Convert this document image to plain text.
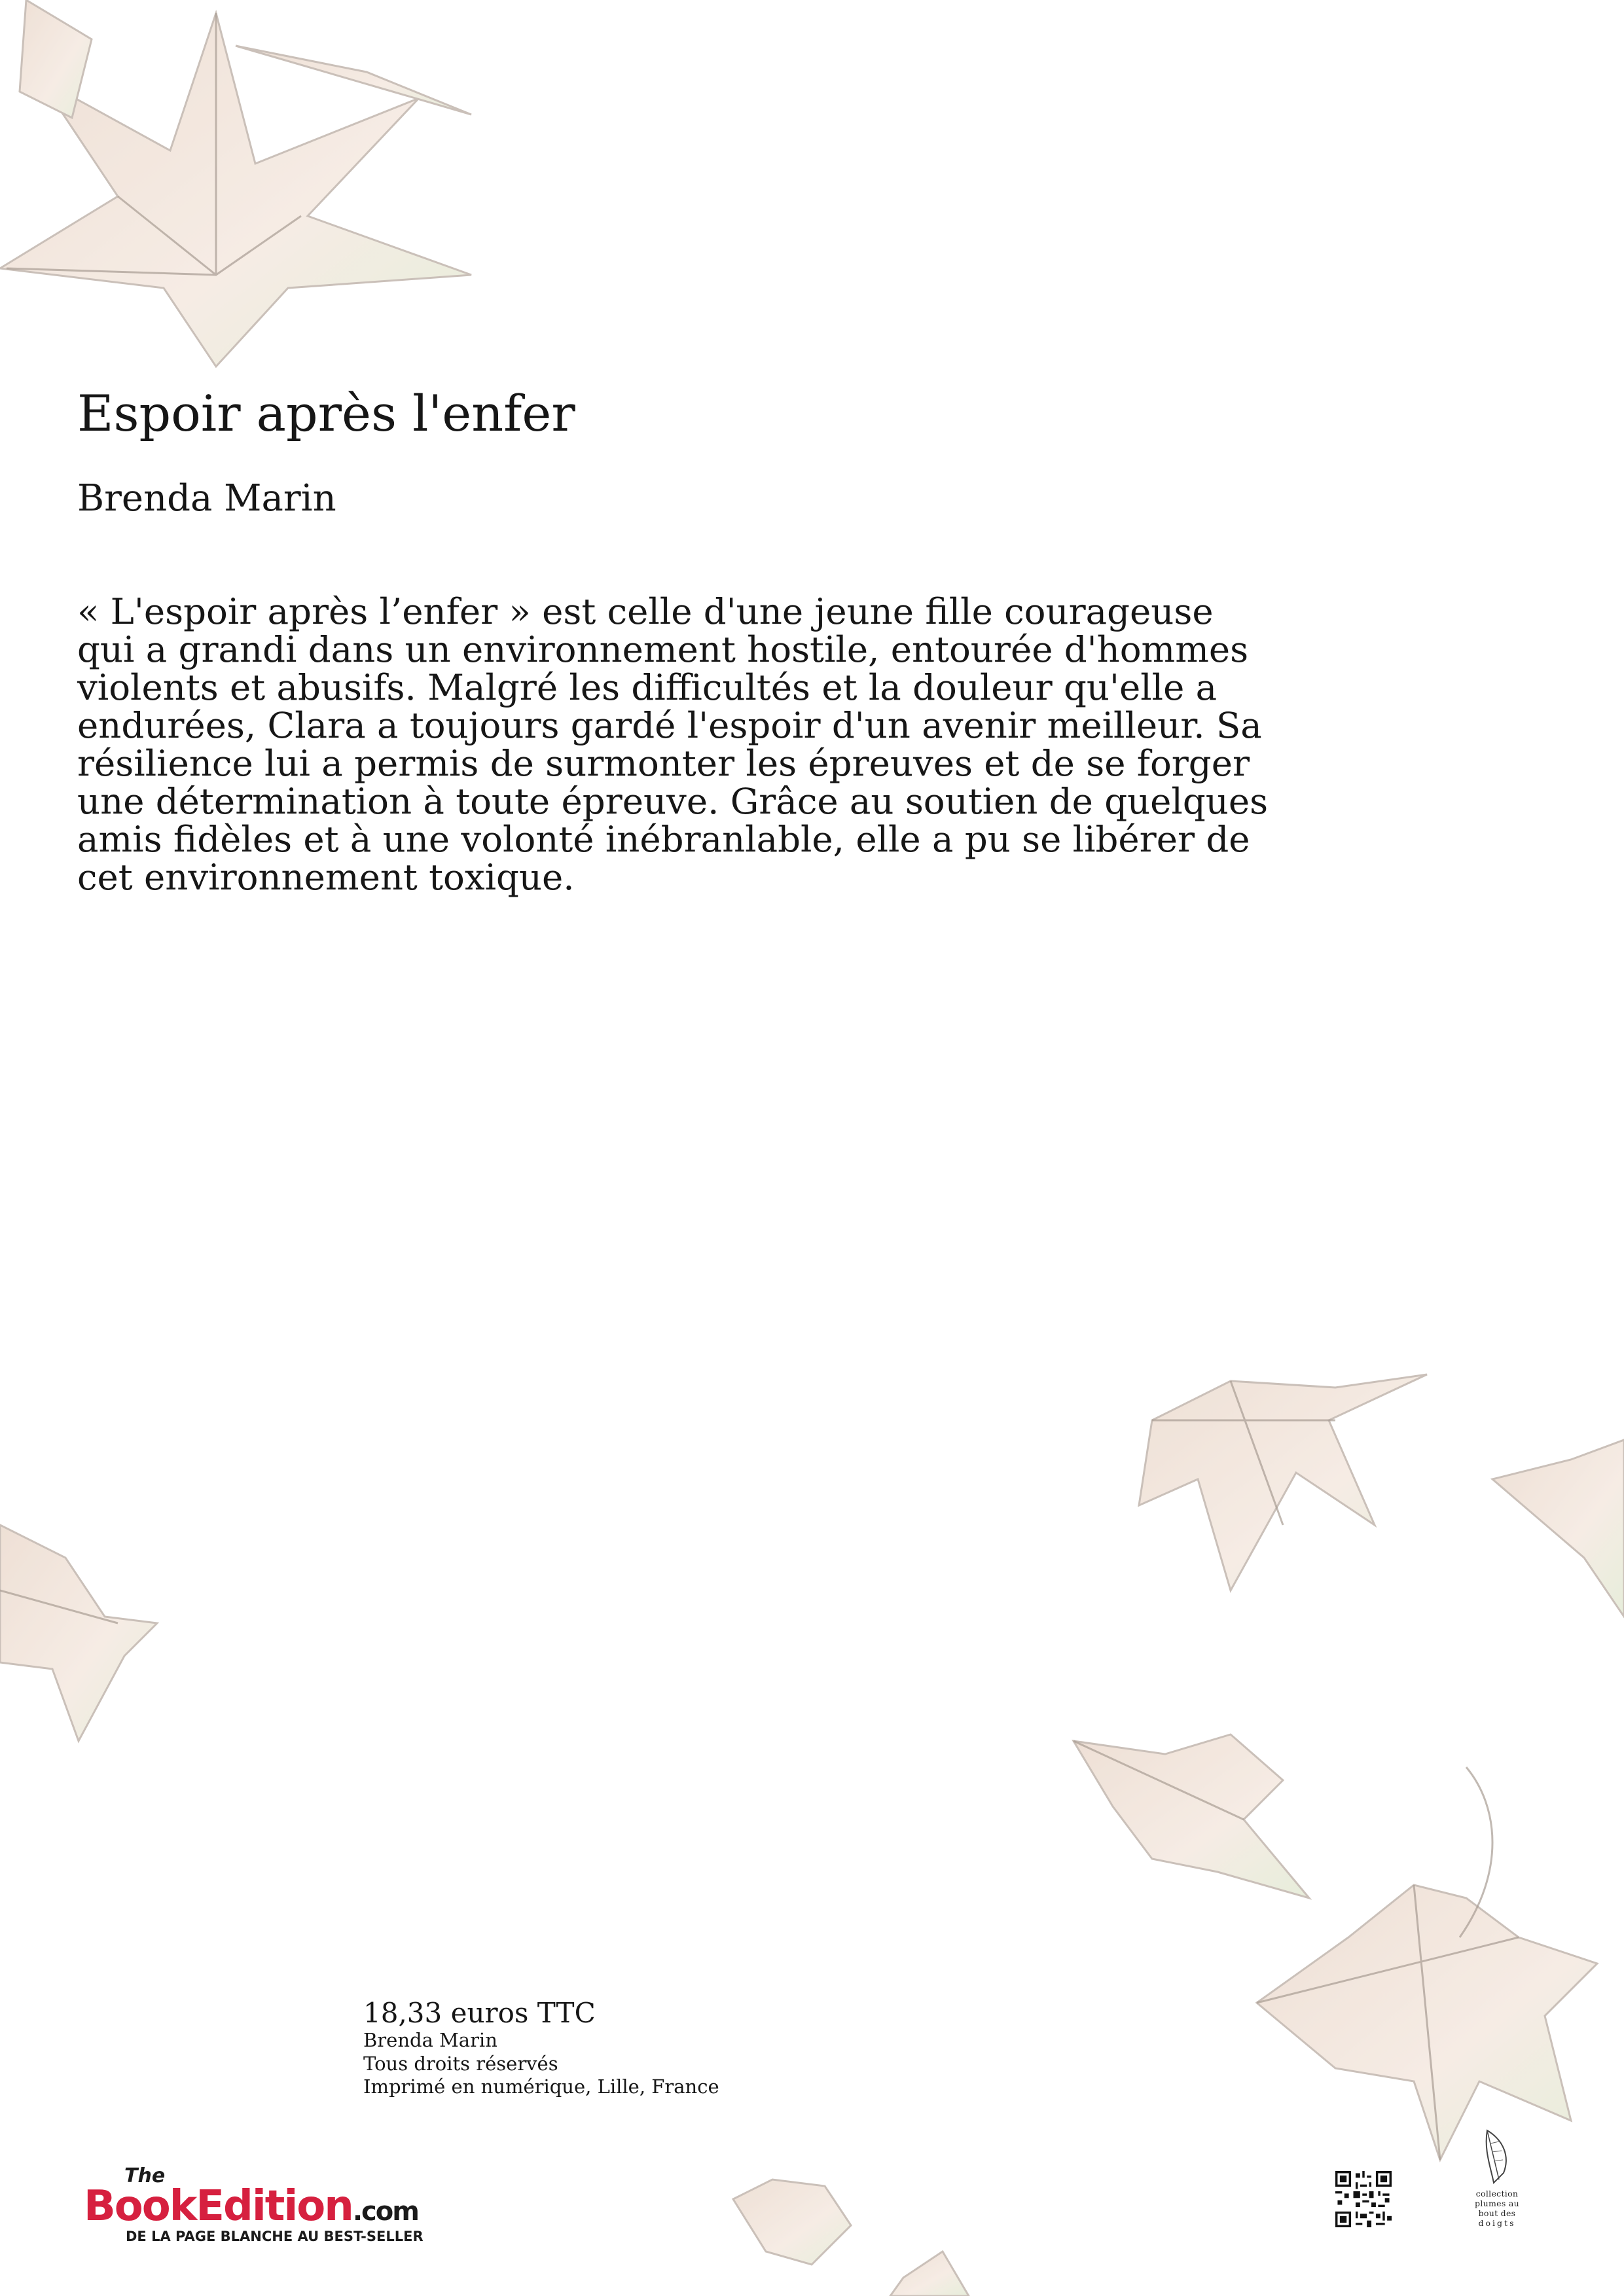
Espoir après l'enfer

Brenda Marin

« L'espoir après l’enfer » est celle d'une jeune fille courageuse qui a grandi dans un environnement hostile, entourée d'hommes violents et abusifs. Malgré les difficultés et la douleur qu'elle a endurées, Clara a toujours gardé l'espoir d'un avenir meilleur. Sa résilience lui a permis de surmonter les épreuves et de se forger une détermination à toute épreuve. Grâce au soutien de quelques amis fidèles et à une volonté inébranlable, elle a pu se libérer de cet environnement toxique.

18,33 euros TTC
Brenda Marin
Tous droits réservés
Imprimé en numérique, Lille, France
The
BookEdition.com
DE LA PAGE BLANCHE AU BEST-SELLER
collection
plumes au
bout des
doigts
